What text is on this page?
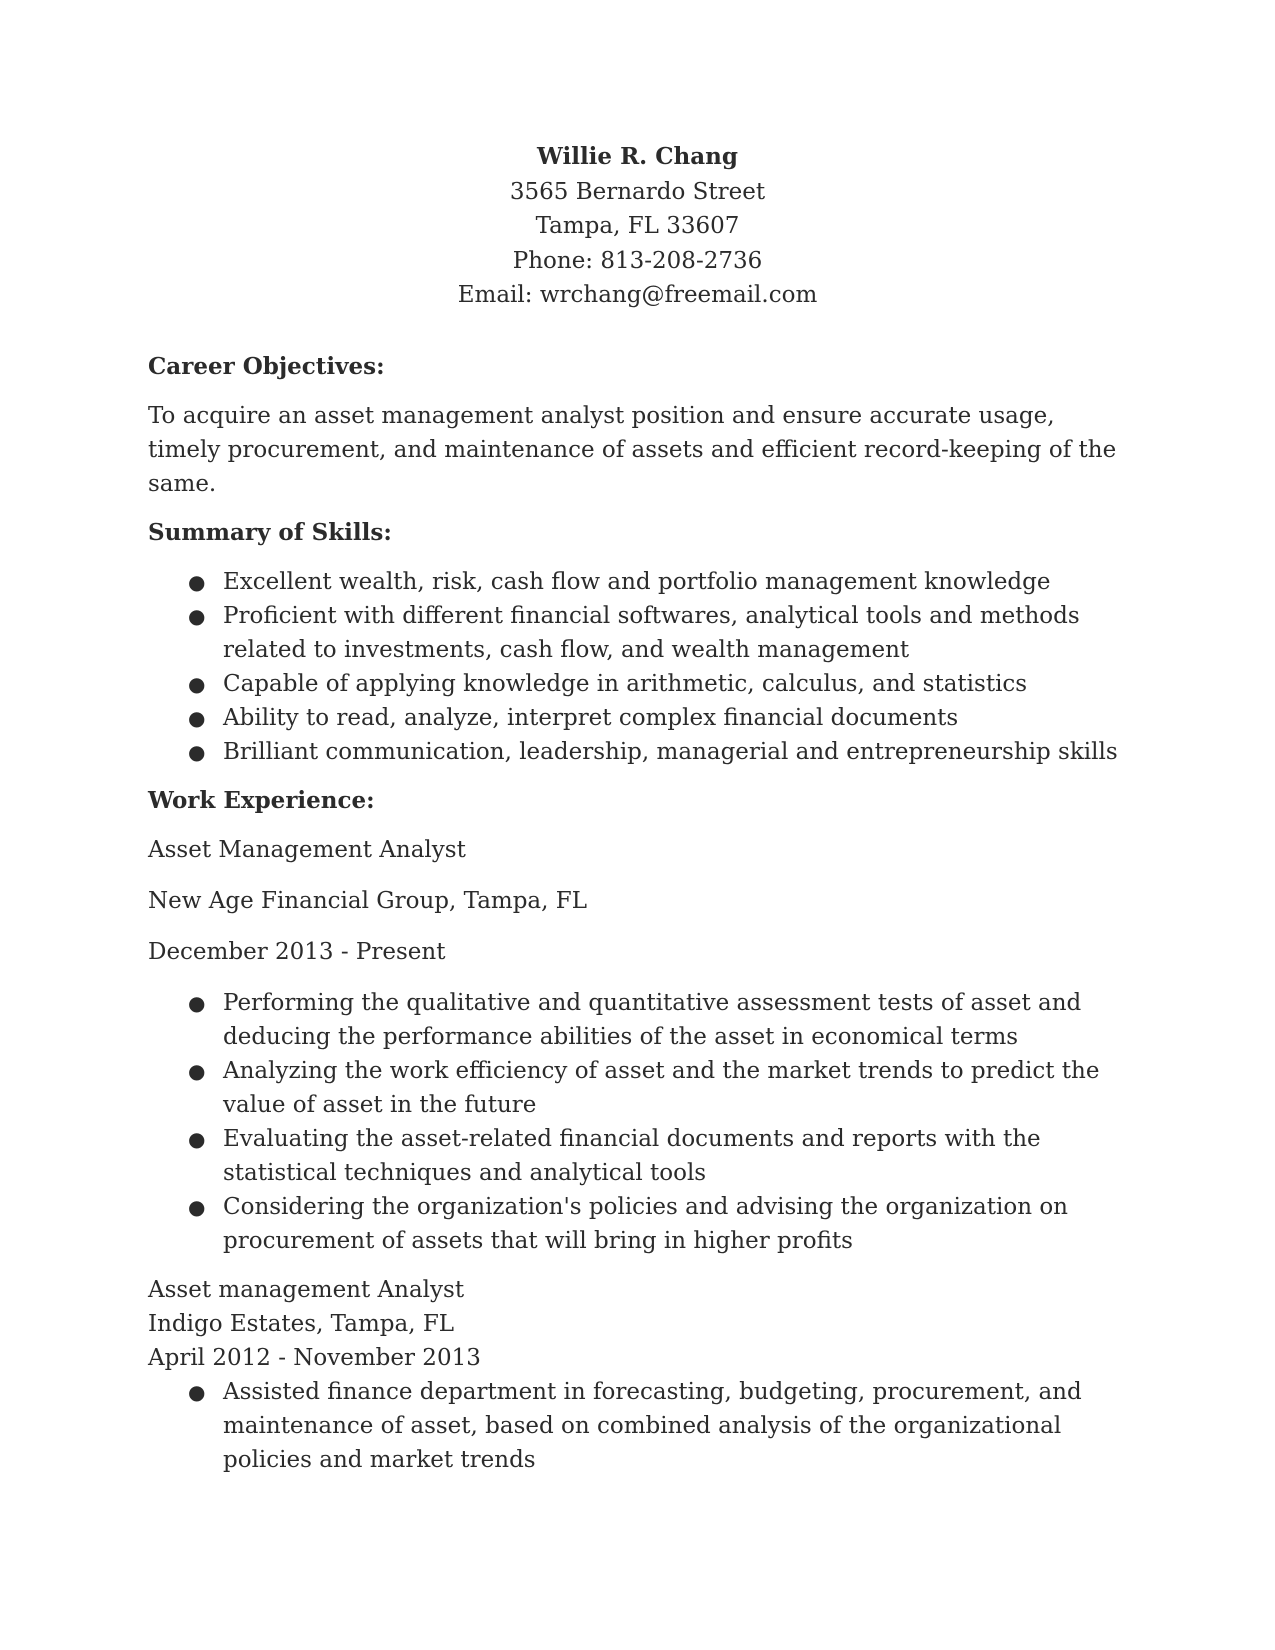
Willie R. Chang
3565 Bernardo Street
Tampa, FL 33607
Phone: 813-208-2736
Email: wrchang@freemail.com
Career Objectives:
To acquire an asset management analyst position and ensure accurate usage, timely procurement, and maintenance of assets and efficient record-keeping of the same.
Summary of Skills:
● Excellent wealth, risk, cash flow and portfolio management knowledge
● Proficient with different financial softwares, analytical tools and methods related to investments, cash flow, and wealth management
● Capable of applying knowledge in arithmetic, calculus, and statistics
● Ability to read, analyze, interpret complex financial documents
● Brilliant communication, leadership, managerial and entrepreneurship skills
Work Experience:
Asset Management Analyst
New Age Financial Group, Tampa, FL
December 2013 - Present
● Performing the qualitative and quantitative assessment tests of asset and deducing the performance abilities of the asset in economical terms
● Analyzing the work efficiency of asset and the market trends to predict the value of asset in the future
● Evaluating the asset-related financial documents and reports with the statistical techniques and analytical tools
● Considering the organization's policies and advising the organization on procurement of assets that will bring in higher profits
Asset management Analyst
Indigo Estates, Tampa, FL
April 2012 - November 2013
● Assisted finance department in forecasting, budgeting, procurement, and maintenance of asset, based on combined analysis of the organizational policies and market trends
